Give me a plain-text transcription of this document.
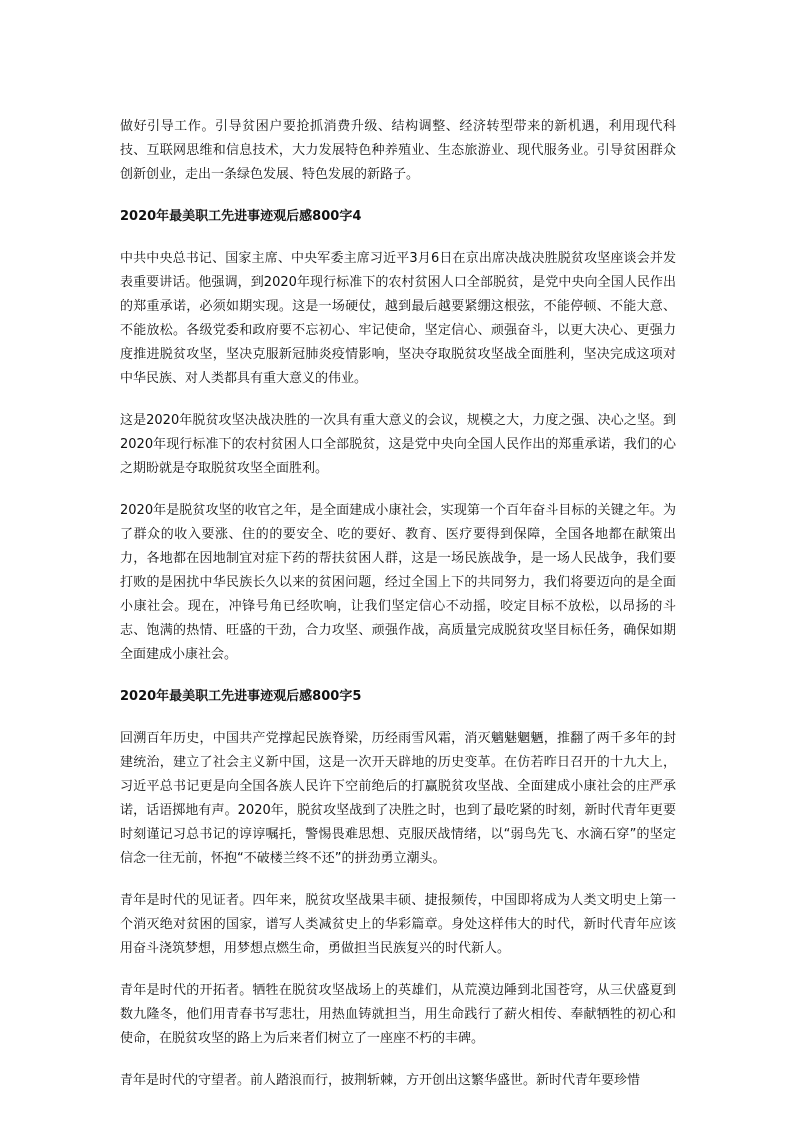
做好引导工作。引导贫困户要抢抓消费升级、结构调整、经济转型带来的新机遇，利用现代科技、互联网思维和信息技术，大力发展特色种养殖业、生态旅游业、现代服务业。引导贫困群众创新创业，走出一条绿色发展、特色发展的新路子。

2020年最美职工先进事迹观后感800字4

中共中央总书记、国家主席、中央军委主席习近平3月6日在京出席决战决胜脱贫攻坚座谈会并发表重要讲话。他强调，到2020年现行标准下的农村贫困人口全部脱贫，是党中央向全国人民作出的郑重承诺，必须如期实现。这是一场硬仗，越到最后越要紧绷这根弦，不能停顿、不能大意、不能放松。各级党委和政府要不忘初心、牢记使命，坚定信心、顽强奋斗，以更大决心、更强力度推进脱贫攻坚，坚决克服新冠肺炎疫情影响，坚决夺取脱贫攻坚战全面胜利，坚决完成这项对中华民族、对人类都具有重大意义的伟业。

这是2020年脱贫攻坚决战决胜的一次具有重大意义的会议，规模之大，力度之强、决心之坚。到2020年现行标准下的农村贫困人口全部脱贫，这是党中央向全国人民作出的郑重承诺，我们的心之期盼就是夺取脱贫攻坚全面胜利。

2020年是脱贫攻坚的收官之年，是全面建成小康社会，实现第一个百年奋斗目标的关键之年。为了群众的收入要涨、住的的要安全、吃的要好、教育、医疗要得到保障，全国各地都在献策出力，各地都在因地制宜对症下药的帮扶贫困人群，这是一场民族战争，是一场人民战争，我们要打败的是困扰中华民族长久以来的贫困问题，经过全国上下的共同努力，我们将要迈向的是全面小康社会。现在，冲锋号角已经吹响，让我们坚定信心不动摇，咬定目标不放松，以昂扬的斗志、饱满的热情、旺盛的干劲，合力攻坚、顽强作战，高质量完成脱贫攻坚目标任务，确保如期全面建成小康社会。

2020年最美职工先进事迹观后感800字5

回溯百年历史，中国共产党撑起民族脊梁，历经雨雪风霜，消灭魑魅魍魉，推翻了两千多年的封建统治，建立了社会主义新中国，这是一次开天辟地的历史变革。在仿若昨日召开的十九大上，习近平总书记更是向全国各族人民许下空前绝后的打赢脱贫攻坚战、全面建成小康社会的庄严承诺，话语掷地有声。2020年，脱贫攻坚战到了决胜之时，也到了最吃紧的时刻，新时代青年更要时刻谨记习总书记的谆谆嘱托，警惕畏难思想、克服厌战情绪，以“弱鸟先飞、水滴石穿”的坚定信念一往无前，怀抱“不破楼兰终不还”的拼劲勇立潮头。

青年是时代的见证者。四年来，脱贫攻坚战果丰硕、捷报频传，中国即将成为人类文明史上第一个消灭绝对贫困的国家，谱写人类减贫史上的华彩篇章。身处这样伟大的时代，新时代青年应该用奋斗浇筑梦想，用梦想点燃生命，勇做担当民族复兴的时代新人。

青年是时代的开拓者。牺牲在脱贫攻坚战场上的英雄们，从荒漠边陲到北国苍穹，从三伏盛夏到数九隆冬，他们用青春书写悲壮，用热血铸就担当，用生命践行了薪火相传、奉献牺牲的初心和使命，在脱贫攻坚的路上为后来者们树立了一座座不朽的丰碑。

青年是时代的守望者。前人踏浪而行，披荆斩棘，方开创出这繁华盛世。新时代青年要珍惜
